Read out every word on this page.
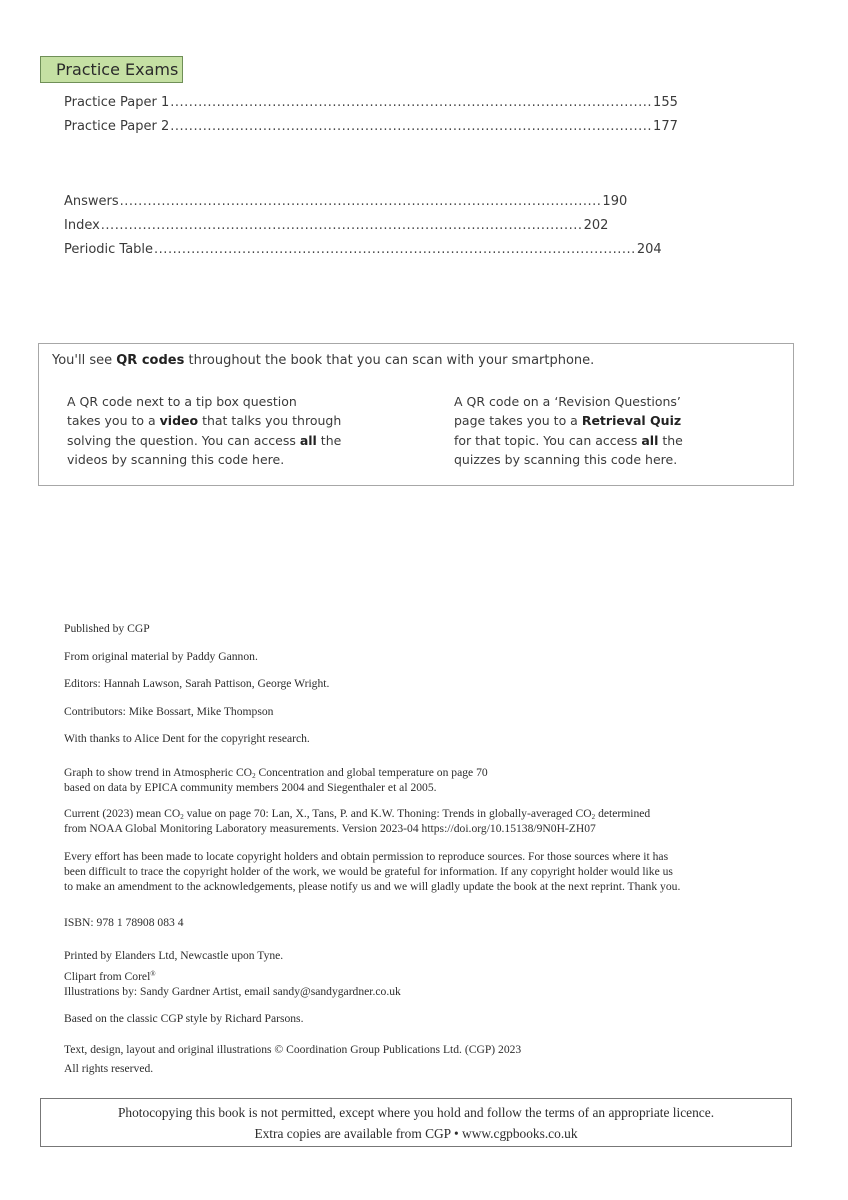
Practice Exams
Practice Paper 1 ........................................................................................................ 155
Practice Paper 2 ........................................................................................................ 177
Answers ........................................................................................................ 190
Index ........................................................................................................ 202
Periodic Table ........................................................................................................ 204
You'll see QR codes throughout the book that you can scan with your smartphone.
A QR code next to a tip box question
takes you to a video that talks you through
solving the question. You can access all the
videos by scanning this code here.
A QR code on a ‘Revision Questions’
page takes you to a Retrieval Quiz
for that topic. You can access all the
quizzes by scanning this code here.
Published by CGP
From original material by Paddy Gannon.
Editors: Hannah Lawson, Sarah Pattison, George Wright.
Contributors: Mike Bossart, Mike Thompson
With thanks to Alice Dent for the copyright research.
Graph to show trend in Atmospheric $CO_2$ Concentration and global temperature on page 70
based on data by EPICA community members 2004 and Siegenthaler et al 2005.
Current (2023) mean $CO_2$ value on page 70: Lan, X., Tans, P. and K.W. Thoning: Trends in globally-averaged $CO_2$ determined
from NOAA Global Monitoring Laboratory measurements. Version 2023-04 https://doi.org/10.15138/9N0H-ZH07
Every effort has been made to locate copyright holders and obtain permission to reproduce sources. For those sources where it has
been difficult to trace the copyright holder of the work, we would be grateful for information. If any copyright holder would like us
to make an amendment to the acknowledgements, please notify us and we will gladly update the book at the next reprint. Thank you.
ISBN: 978 1 78908 083 4
Printed by Elanders Ltd, Newcastle upon Tyne.
Clipart from Corel®
Illustrations by: Sandy Gardner Artist, email sandy@sandygardner.co.uk
Based on the classic CGP style by Richard Parsons.
Text, design, layout and original illustrations © Coordination Group Publications Ltd. (CGP) 2023
All rights reserved.
Photocopying this book is not permitted, except where you hold and follow the terms of an appropriate licence.
Extra copies are available from CGP • www.cgpbooks.co.uk
